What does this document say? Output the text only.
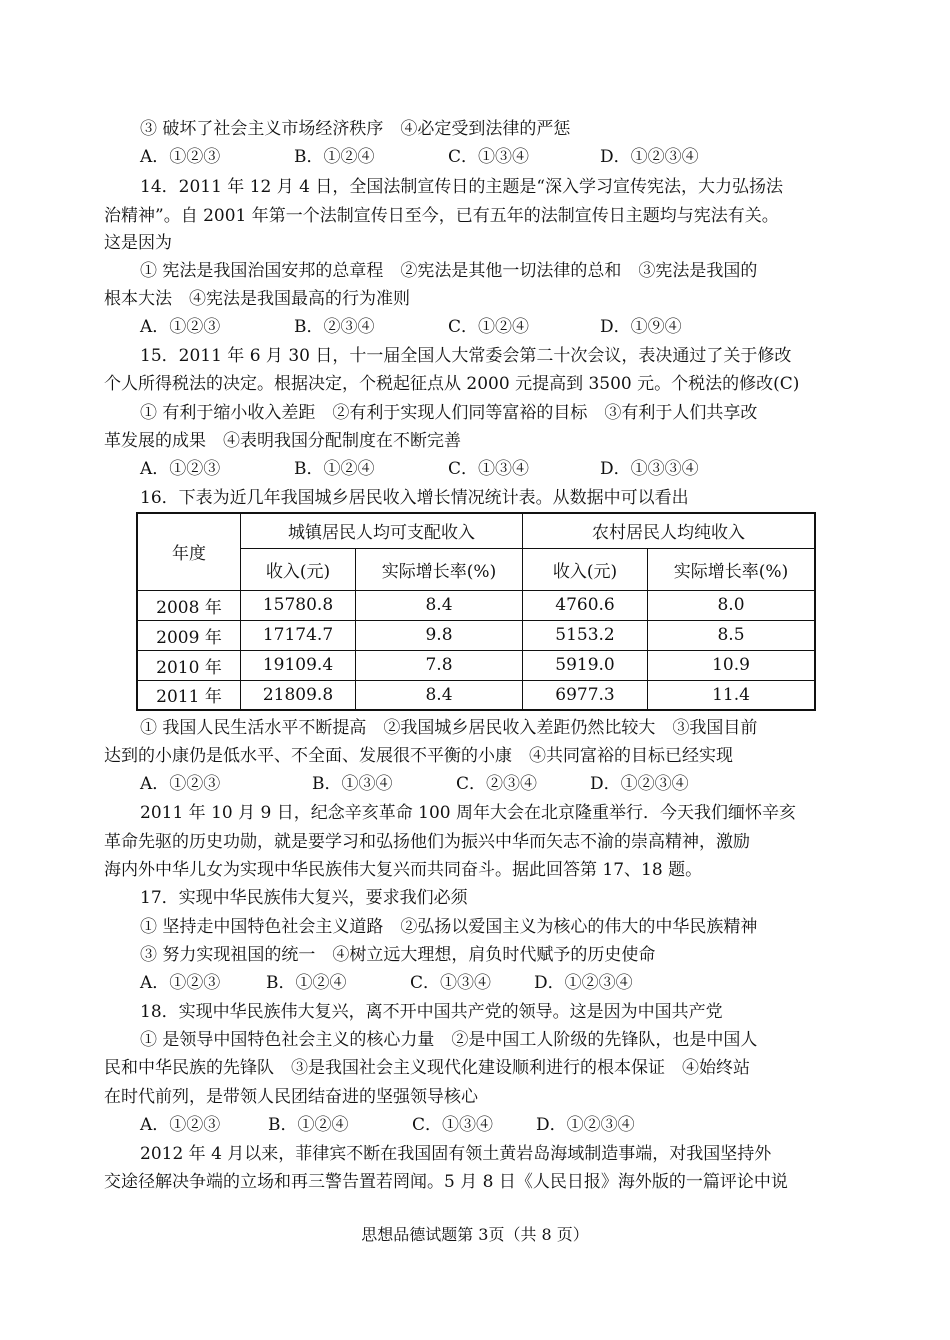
③ 破坏了社会主义市场经济秩序　④必定受到法律的严惩
A．①②③	B．①②④	C．①③④	D．①②③④
14．2011 年 12 月 4 日，全国法制宣传日的主题是“深入学习宣传宪法，大力弘扬法
治精神”。自 2001 年第一个法制宣传日至今，已有五年的法制宣传日主题均与宪法有关。
这是因为
① 宪法是我国治国安邦的总章程　②宪法是其他一切法律的总和　③宪法是我国的
根本大法　④宪法是我国最高的行为准则
A．①②③	B．②③④	C．①②④	D．①⑨④
15．2011 年 6 月 30 日，十一届全国人大常委会第二十次会议，表决通过了关于修改
个人所得税法的决定。根据决定，个税起征点从 2000 元提高到 3500 元。个税法的修改(C)
① 有利于缩小收入差距　②有利于实现人们同等富裕的目标　③有利于人们共享改
革发展的成果　④表明我国分配制度在不断完善
A．①②③	B．①②④	C．①③④	D．①③③④
16．下表为近几年我国城乡居民收入增长情况统计表。从数据中可以看出
年度	城镇居民人均可支配收入		农村居民人均纯收入	
	收入(元)	实际增长率(%)	收入(元)	实际增长率(%)
2008 年	15780.8	8.4	4760.6	8.0
2009 年	17174.7	9.8	5153.2	8.5
2010 年	19109.4	7.8	5919.0	10.9
2011 年	21809.8	8.4	6977.3	11.4
① 我国人民生活水平不断提高　②我国城乡居民收入差距仍然比较大　③我国目前
达到的小康仍是低水平、不全面、发展很不平衡的小康　④共同富裕的目标已经实现
A．①②③	B．①③④	C．②③④	D．①②③④
2011 年 10 月 9 日，纪念辛亥革命 100 周年大会在北京隆重举行．今天我们缅怀辛亥
革命先驱的历史功勋，就是要学习和弘扬他们为振兴中华而矢志不渝的崇高精神，激励
海内外中华儿女为实现中华民族伟大复兴而共同奋斗。据此回答第 17、18 题。
17．实现中华民族伟大复兴，要求我们必须
① 坚持走中国特色社会主义道路　②弘扬以爱国主义为核心的伟大的中华民族精神
③ 努力实现祖国的统一　④树立远大理想，肩负时代赋予的历史使命
A．①②③	B．①②④	C．①③④	D．①②③④
18．实现中华民族伟大复兴，离不开中国共产党的领导。这是因为中国共产党
① 是领导中国特色社会主义的核心力量　②是中国工人阶级的先锋队，也是中国人
民和中华民族的先锋队　③是我国社会主义现代化建设顺利进行的根本保证　④始终站
在时代前列，是带领人民团结奋进的坚强领导核心
A．①②③	B．①②④	C．①③④	D．①②③④
2012 年 4 月以来，菲律宾不断在我国固有领土黄岩岛海域制造事端，对我国坚持外
交途径解决争端的立场和再三警告置若罔闻。5 月 8 日《人民日报》海外版的一篇评论中说
思想品德试题第 3页（共 8 页）
